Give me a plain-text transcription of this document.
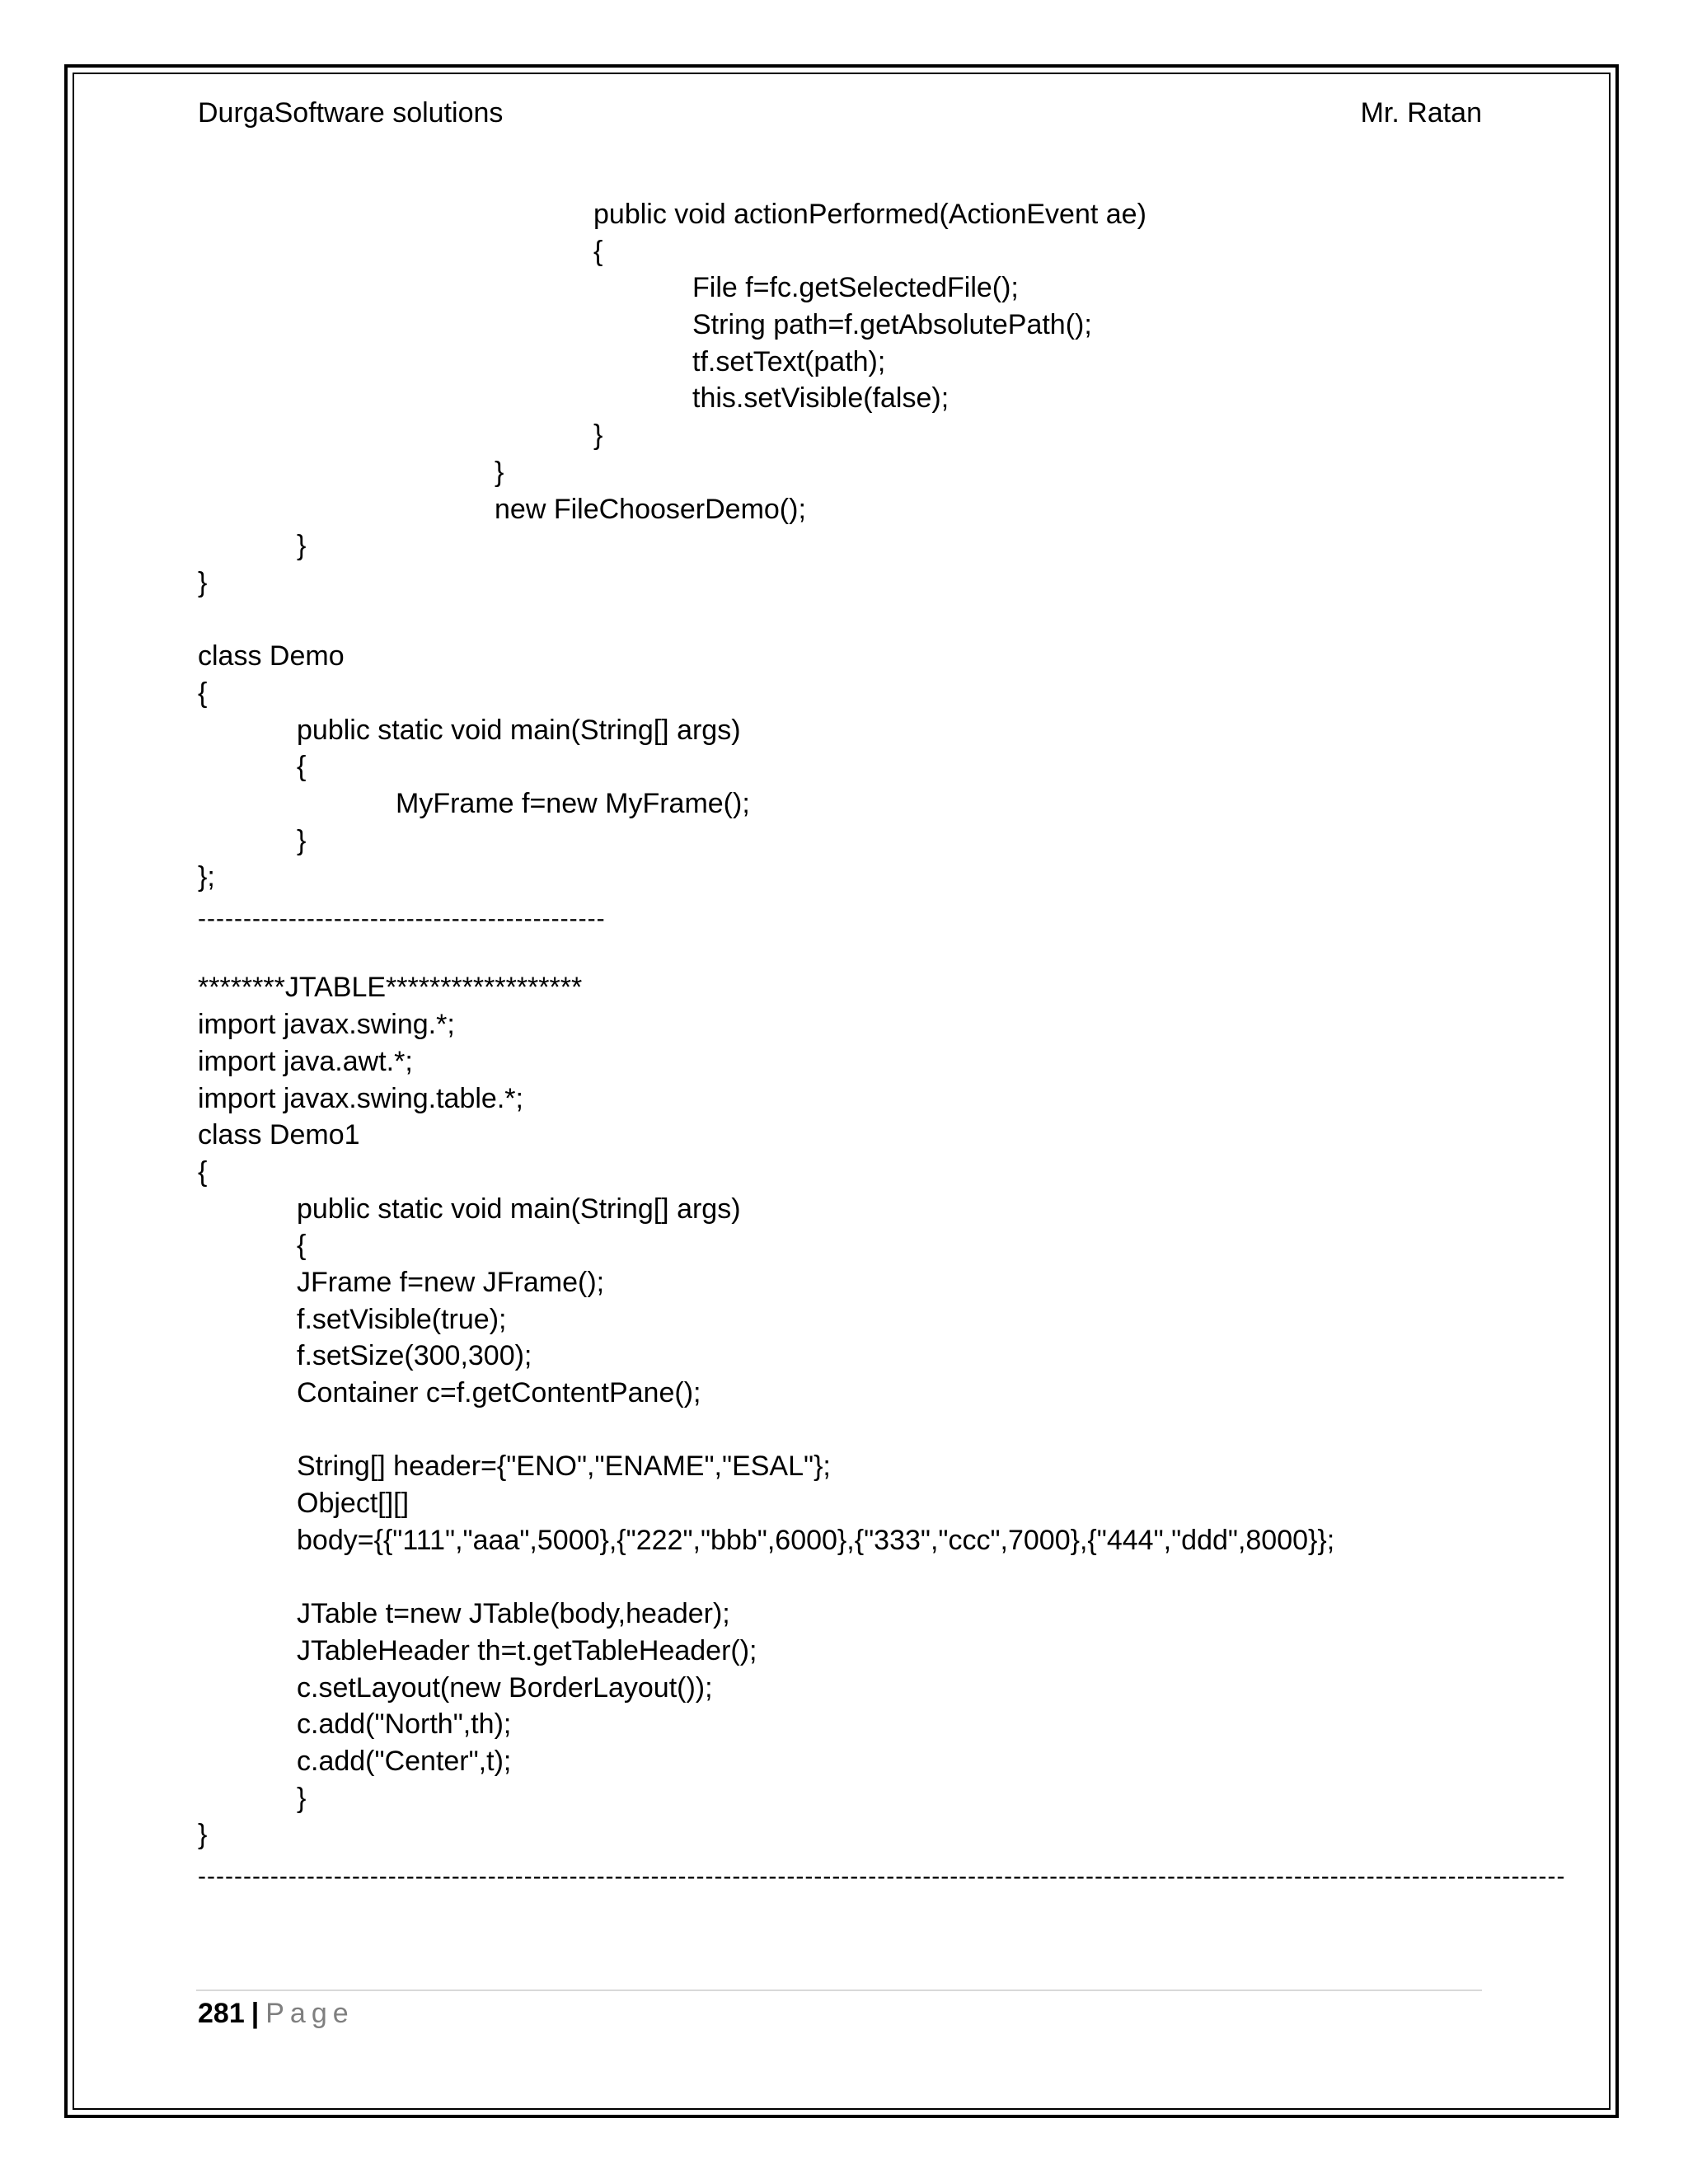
DurgaSoftware solutions	Mr. Ratan
public void actionPerformed(ActionEvent ae)
{
File f=fc.getSelectedFile();
String path=f.getAbsolutePath();
tf.setText(path);
this.setVisible(false);
}
}
new FileChooserDemo();
}
}
class Demo
{
public static void main(String[] args)
{
MyFrame f=new MyFrame();
}
};
********JTABLE******************
import javax.swing.*;
import java.awt.*;
import javax.swing.table.*;
class Demo1
{
public static void main(String[] args)
{
JFrame f=new JFrame();
f.setVisible(true);
f.setSize(300,300);
Container c=f.getContentPane();
String[] header={"ENO","ENAME","ESAL"};
Object[][]
body={{"111","aaa",5000},{"222","bbb",6000},{"333","ccc",7000},{"444","ddd",8000}};
JTable t=new JTable(body,header);
JTableHeader th=t.getTableHeader();
c.setLayout(new BorderLayout());
c.add("North",th);
c.add("Center",t);
}
}
---------------------------------------------
-------------------------------------------------------------------------------------------------------------------------------------------------------
281 | Page
